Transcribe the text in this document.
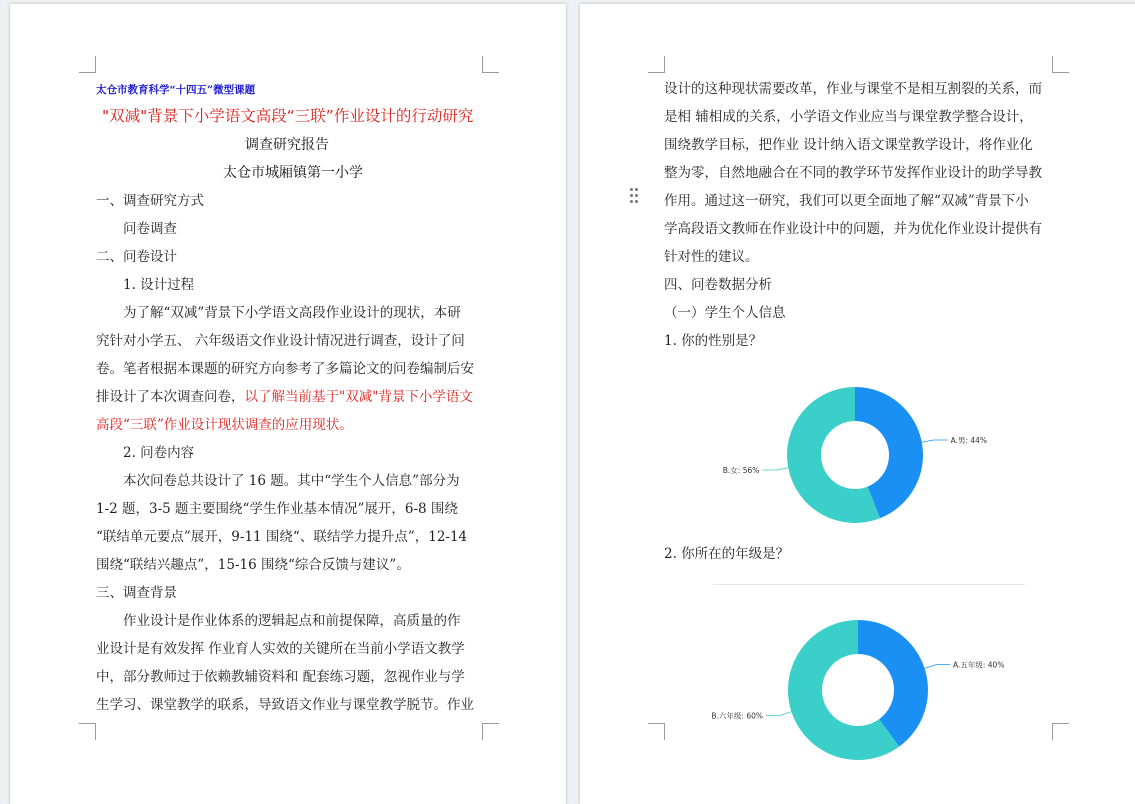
太仓市教育科学“十四五”微型课题
"双减"背景下小学语文高段“三联”作业设计的行动研究
调查研究报告
太仓市城厢镇第一小学
一、调查研究方式
问卷调查
二、问卷设计
1. 设计过程
为了解“双减”背景下小学语文高段作业设计的现状，本研
究针对小学五、 六年级语文作业设计情况进行调查，设计了问
卷。笔者根据本课题的研究方向参考了多篇论文的问卷编制后安
排设计了本次调查问卷，以了解当前基于"双减"背景下小学语文
高段“三联”作业设计现状调查的应用现状。
2. 问卷内容
本次问卷总共设计了 16 题。其中“学生个人信息”部分为
1-2 题，3-5 题主要围绕“学生作业基本情况”展开，6-8 围绕
“联结单元要点”展开，9-11 围绕“、联结学力提升点”，12-14
围绕“联结兴趣点”，15-16 围绕“综合反馈与建议”。
三、调查背景
作业设计是作业体系的逻辑起点和前提保障，高质量的作
业设计是有效发挥 作业育人实效的关键所在当前小学语文教学
中，部分教师过于依赖教辅资料和 配套练习题，忽视作业与学
生学习、课堂教学的联系，导致语文作业与课堂教学脱节。作业
设计的这种现状需要改革，作业与课堂不是相互割裂的关系，而
是相 辅相成的关系，小学语文作业应当与课堂教学整合设计，
围绕教学目标，把作业 设计纳入语文课堂教学设计，将作业化
整为零，自然地融合在不同的教学环节发挥作业设计的助学导教
作用。通过这一研究，我们可以更全面地了解“双减”背景下小
学高段语文教师在作业设计中的问题，并为优化作业设计提供有
针对性的建议。
四、问卷数据分析
（一）学生个人信息
1. 你的性别是？
A.男: 44%
B.女: 56%
2. 你所在的年级是？
A.五年级: 40%
B.六年级: 60%
